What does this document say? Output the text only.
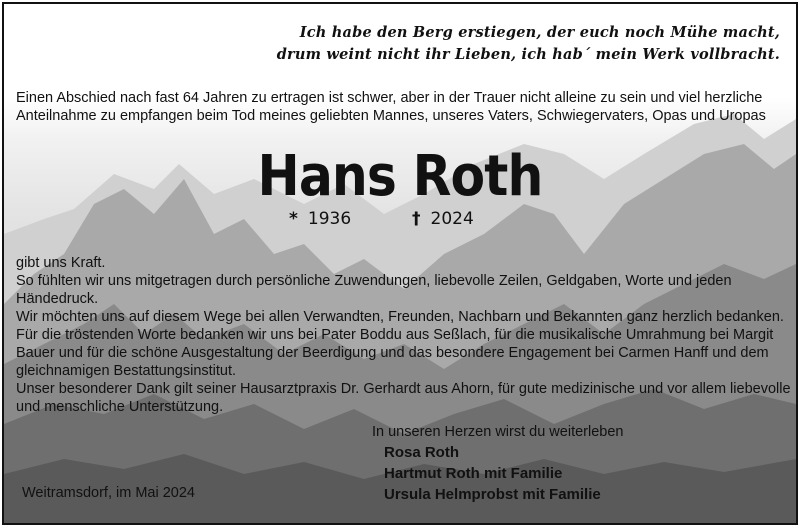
Ich habe den Berg erstiegen, der euch noch Mühe macht,
drum weint nicht ihr Lieben, ich hab´ mein Werk vollbracht.
Einen Abschied nach fast 64 Jahren zu ertragen ist schwer, aber in der Trauer nicht alleine zu sein und viel herzliche Anteilnahme zu empfangen beim Tod meines geliebten Mannes, unseres Vaters, Schwiegervaters, Opas und Uropas
Hans Roth
* 1936	† 2024

gibt uns Kraft.

So fühlten wir uns mitgetragen durch persönliche Zuwendungen, liebevolle Zeilen, Geldgaben, Worte und jeden Händedruck.

Wir möchten uns auf diesem Wege bei allen Verwandten, Freunden, Nachbarn und Bekannten ganz herzlich bedanken.

Für die tröstenden Worte bedanken wir uns bei Pater Boddu aus Seßlach, für die musikalische Umrahmung bei Margit Bauer und für die schöne Ausgestaltung der Beerdigung und das besondere Engagement bei Carmen Hanff und dem gleichnamigen Bestattungsinstitut.

Unser besonderer Dank gilt seiner Hausarztpraxis Dr. Gerhardt aus Ahorn, für gute medizinische und vor allem liebevolle und menschliche Unterstützung.

In unseren Herzen wirst du weiterleben
Rosa Roth
Hartmut Roth mit Familie
Ursula Helmprobst mit Familie
Weitramsdorf, im Mai 2024
